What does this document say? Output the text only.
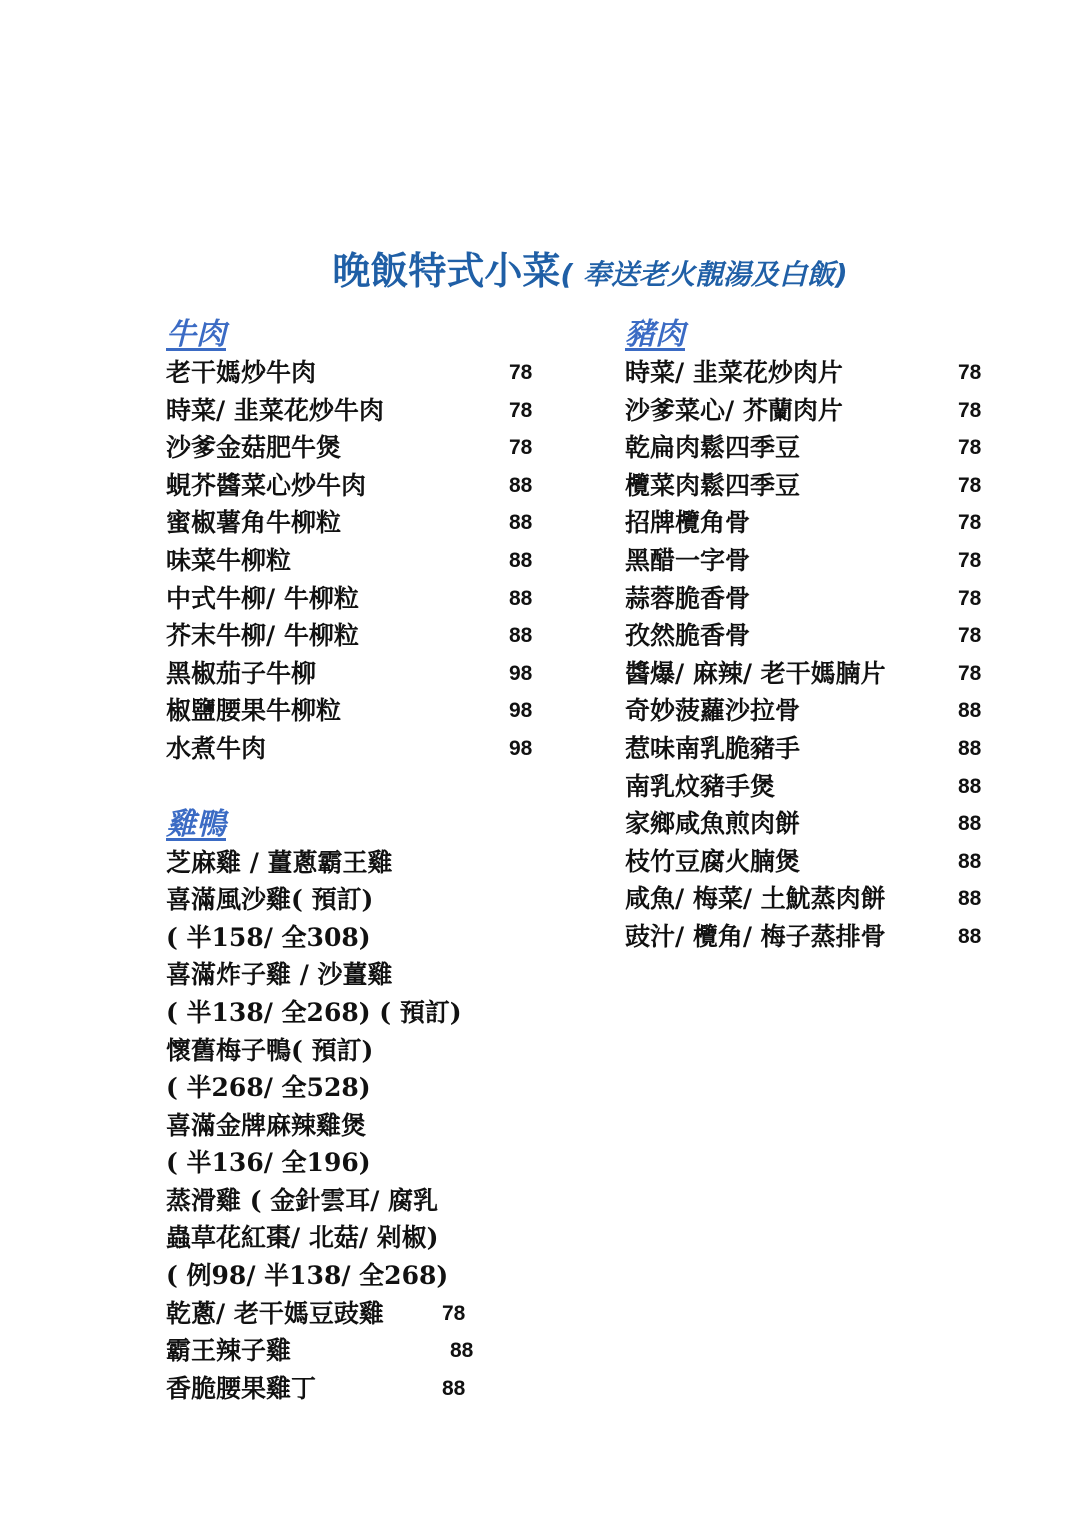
晚飯特式小菜( 奉送老火靚湯及白飯)
牛肉
老干媽炒牛肉	78
時菜/ 韭菜花炒牛肉	78
沙爹金菇肥牛煲	78
蜆芥醬菜心炒牛肉	88
蜜椒薯角牛柳粒	88
味菜牛柳粒	88
中式牛柳/ 牛柳粒	88
芥末牛柳/ 牛柳粒	88
黑椒茄子牛柳	98
椒鹽腰果牛柳粒	98
水煮牛肉	98
雞鴨
芝麻雞 / 薑蔥霸王雞
喜滿風沙雞( 預訂)
( 半158/ 全308)
喜滿炸子雞 / 沙薑雞
( 半138/ 全268) ( 預訂)
懷舊梅子鴨( 預訂)
( 半268/ 全528)
喜滿金牌麻辣雞煲
( 半136/ 全196)
蒸滑雞 ( 金針雲耳/ 腐乳
蟲草花紅棗/ 北菇/ 剁椒)
( 例98/ 半138/ 全268)
乾蔥/ 老干媽豆豉雞	78
霸王辣子雞	88
香脆腰果雞丁	88
豬肉
時菜/ 韭菜花炒肉片	78
沙爹菜心/ 芥蘭肉片	78
乾扁肉鬆四季豆	78
欖菜肉鬆四季豆	78
招牌欖角骨	78
黑醋一字骨	78
蒜蓉脆香骨	78
孜然脆香骨	78
醬爆/ 麻辣/ 老干媽腩片	78
奇妙菠蘿沙拉骨	88
惹味南乳脆豬手	88
南乳炆豬手煲	88
家鄉咸魚煎肉餅	88
枝竹豆腐火腩煲	88
咸魚/ 梅菜/ 土魷蒸肉餅	88
豉汁/ 欖角/ 梅子蒸排骨	88
